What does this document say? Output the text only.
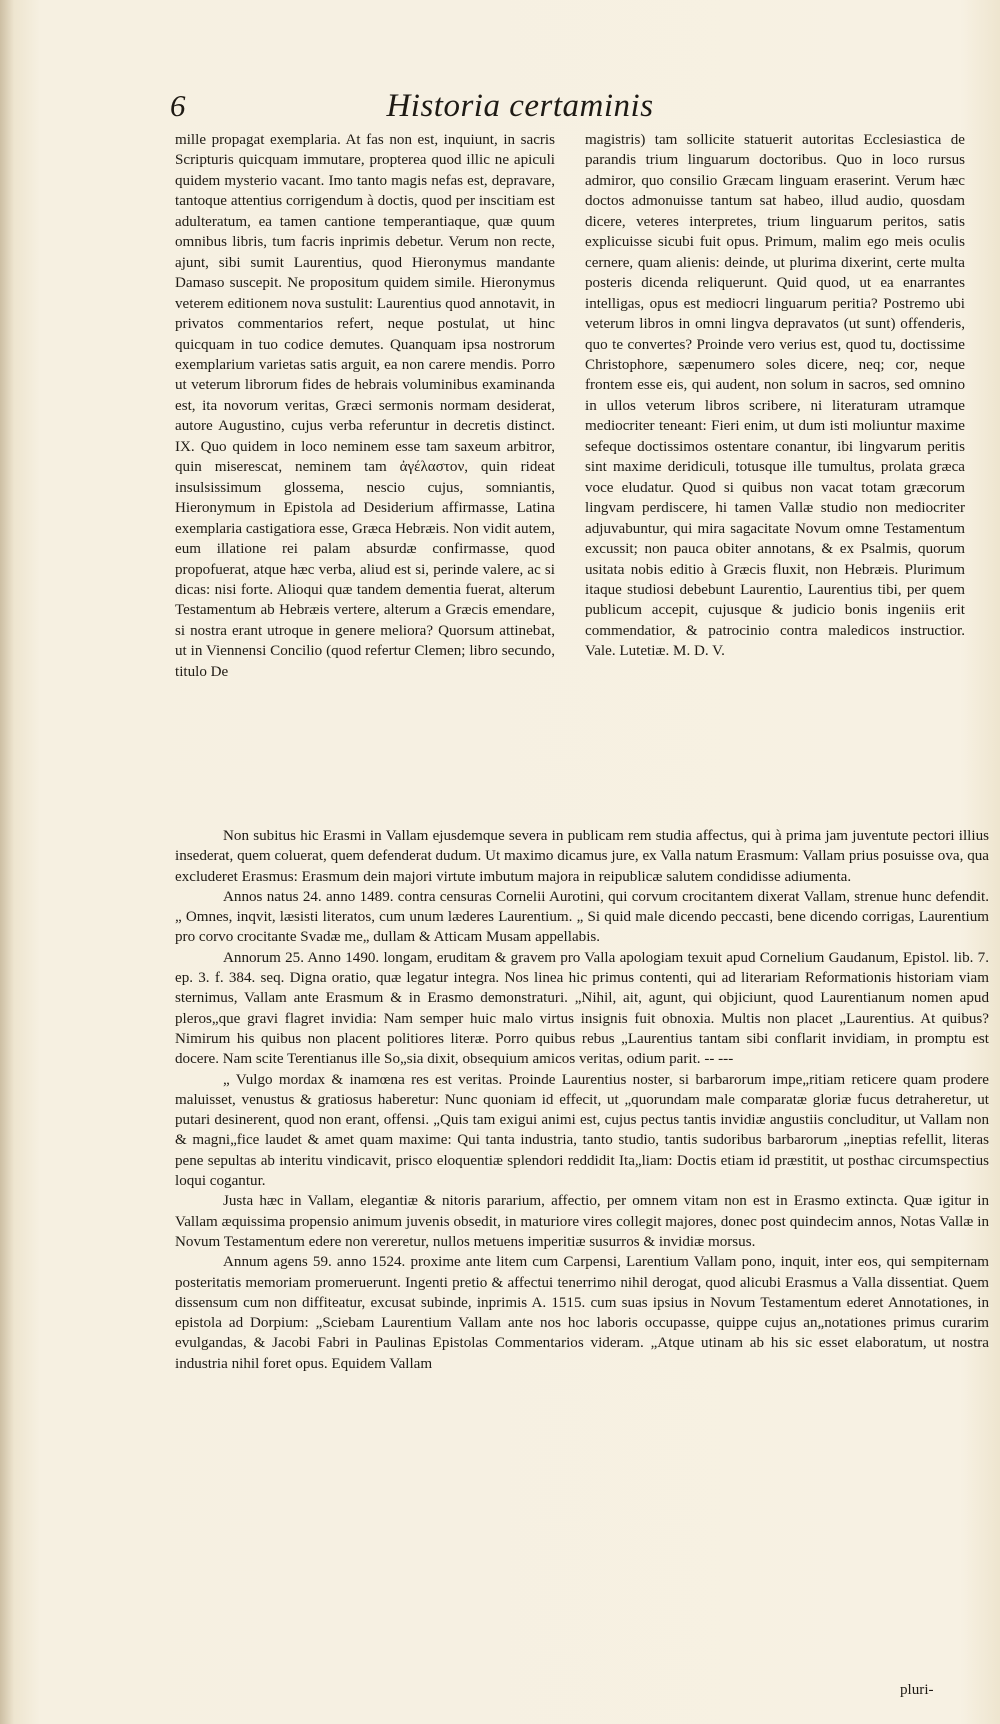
6	Historia certaminis

mille propagat exemplaria. At fas non est, inquiunt, in sacris Scripturis quicquam immutare, propterea quod illic ne apiculi quidem mysterio vacant. Imo tanto magis nefas est, depravare, tantoque attentius corrigendum à doctis, quod per inscitiam est adulteratum, ea tamen cantione temperantiaque, quæ quum omnibus libris, tum facris inprimis debetur. Verum non recte, ajunt, sibi sumit Laurentius, quod Hieronymus mandante Damaso suscepit. Ne propositum quidem simile. Hieronymus veterem editionem nova sustulit: Laurentius quod annotavit, in privatos commentarios refert, neque postulat, ut hinc quicquam in tuo codice demutes. Quanquam ipsa nostrorum exemplarium varietas satis arguit, ea non carere mendis. Porro ut veterum librorum fides de hebrais voluminibus examinanda est, ita novorum veritas, Græci sermonis normam desiderat, autore Augustino, cujus verba referuntur in decretis distinct. IX. Quo quidem in loco neminem esse tam saxeum arbitror, quin miserescat, neminem tam ἀγέλαστον, quin rideat insulsissimum glossema, nescio cujus, somniantis, Hieronymum in Epistola ad Desiderium affirmasse, Latina exemplaria castigatiora esse, Græca Hebræis. Non vidit autem, eum illatione rei palam absurdæ confirmasse, quod propofuerat, atque hæc verba, aliud est si, perinde valere, ac si dicas: nisi forte. Alioqui quæ tandem dementia fuerat, alterum Testamentum ab Hebræis vertere, alterum a Græcis emendare, si nostra erant utroque in genere meliora? Quorsum attinebat, ut in Viennensi Concilio (quod refertur Clemen; libro secundo, titulo De

magistris) tam sollicite statuerit autoritas Ecclesiastica de parandis trium linguarum doctoribus. Quo in loco rursus admiror, quo consilio Græcam linguam eraserint. Verum hæc doctos admonuisse tantum sat habeo, illud audio, quosdam dicere, veteres interpretes, trium linguarum peritos, satis explicuisse sicubi fuit opus. Primum, malim ego meis oculis cernere, quam alienis: deinde, ut plurima dixerint, certe multa posteris dicenda reliquerunt. Quid quod, ut ea enarrantes intelligas, opus est mediocri linguarum peritia? Postremo ubi veterum libros in omni lingva depravatos (ut sunt) offenderis, quo te convertes? Proinde vero verius est, quod tu, doctissime Christophore, sæpenumero soles dicere, neq; cor, neque frontem esse eis, qui audent, non solum in sacros, sed omnino in ullos veterum libros scribere, ni literaturam utramque mediocriter teneant: Fieri enim, ut dum isti moliuntur maxime sefeque doctissimos ostentare conantur, ibi lingvarum peritis sint maxime deridiculi, totusque ille tumultus, prolata græca voce eludatur. Quod si quibus non vacat totam græcorum lingvam perdiscere, hi tamen Vallæ studio non mediocriter adjuvabuntur, qui mira sagacitate Novum omne Testamentum excussit; non pauca obiter annotans, & ex Psalmis, quorum usitata nobis editio à Græcis fluxit, non Hebræis. Plurimum itaque studiosi debebunt Laurentio, Laurentius tibi, per quem publicum accepit, cujusque & judicio bonis ingeniis erit commendatior, & patrocinio contra maledicos instructior. Vale. Lutetiæ. M. D. V.

Non subitus hic Erasmi in Vallam ejusdemque severa in publicam rem studia affectus, qui à prima jam juventute pectori illius insederat, quem coluerat, quem defenderat dudum. Ut maximo dicamus jure, ex Valla natum Erasmum: Vallam prius posuisse ova, qua excluderet Erasmus: Erasmum dein majori virtute imbutum majora in reipublicæ salutem condidisse adiumenta.

Annos natus 24. anno 1489. contra censuras Cornelii Aurotini, qui corvum crocitantem dixerat Vallam, strenue hunc defendit. „ Omnes, inqvit, læsisti literatos, cum unum læderes Laurentium. „ Si quid male dicendo peccasti, bene dicendo corrigas, Laurentium pro corvo crocitante Svadæ me„ dullam & Atticam Musam appellabis.

Annorum 25. Anno 1490. longam, eruditam & gravem pro Valla apologiam texuit apud Cornelium Gaudanum, Epistol. lib. 7. ep. 3. f. 384. seq. Digna oratio, quæ legatur integra. Nos linea hic primus contenti, qui ad literariam Reformationis historiam viam sternimus, Vallam ante Erasmum & in Erasmo demonstraturi. „Nihil, ait, agunt, qui objiciunt, quod Laurentianum nomen apud pleros„que gravi flagret invidia: Nam semper huic malo virtus insignis fuit obnoxia. Multis non placet „Laurentius. At quibus? Nimirum his quibus non placent politiores literæ. Porro quibus rebus „Laurentius tantam sibi conflarit invidiam, in promptu est docere. Nam scite Terentianus ille So„sia dixit, obsequium amicos veritas, odium parit. -- ---

„ Vulgo mordax & inamœna res est veritas. Proinde Laurentius noster, si barbarorum impe„ritiam reticere quam prodere maluisset, venustus & gratiosus haberetur: Nunc quoniam id effecit, ut „quorundam male comparatæ gloriæ fucus detraheretur, ut putari desinerent, quod non erant, offensi. „Quis tam exigui animi est, cujus pectus tantis invidiæ angustiis concluditur, ut Vallam non & magni„fice laudet & amet quam maxime: Qui tanta industria, tanto studio, tantis sudoribus barbarorum „ineptias refellit, literas pene sepultas ab interitu vindicavit, prisco eloquentiæ splendori reddidit Ita„liam: Doctis etiam id præstitit, ut posthac circumspectius loqui cogantur.

Justa hæc in Vallam, elegantiæ & nitoris pararium, affectio, per omnem vitam non est in Erasmo extincta. Quæ igitur in Vallam æquissima propensio animum juvenis obsedit, in maturiore vires collegit majores, donec post quindecim annos, Notas Vallæ in Novum Testamentum edere non vereretur, nullos metuens imperitiæ susurros & invidiæ morsus.

Annum agens 59. anno 1524. proxime ante litem cum Carpensi, Larentium Vallam pono, inquit, inter eos, qui sempiternam posteritatis memoriam promeruerunt. Ingenti pretio & affectui tenerrimo nihil derogat, quod alicubi Erasmus a Valla dissentiat. Quem dissensum cum non diffiteatur, excusat subinde, inprimis A. 1515. cum suas ipsius in Novum Testamentum ederet Annotationes, in epistola ad Dorpium: „Sciebam Laurentium Vallam ante nos hoc laboris occupasse, quippe cujus an„notationes primus curarim evulgandas, & Jacobi Fabri in Paulinas Epistolas Commentarios videram. „Atque utinam ab his sic esset elaboratum, ut nostra industria nihil foret opus. Equidem Vallam

pluri-
